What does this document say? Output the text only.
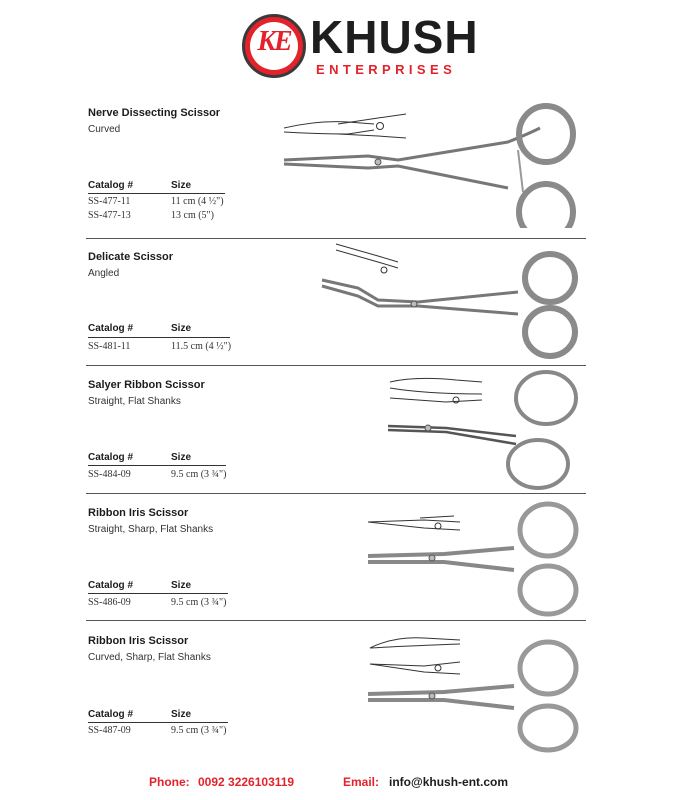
KE KHUSH
ENTERPRISES
Nerve Dissecting Scissor
Curved
Catalog #	Size
SS-477-11	11 cm (4 ½")
SS-477-13	13 cm (5")
Delicate Scissor
Angled
Catalog #	Size
SS-481-11	11.5 cm (4 ½")
Salyer Ribbon Scissor
Straight, Flat Shanks
Catalog #	Size
SS-484-09	9.5 cm (3 ¾")
Ribbon Iris Scissor
Straight, Sharp, Flat Shanks
Catalog #	Size
SS-486-09	9.5 cm (3 ¾")
Ribbon Iris Scissor
Curved, Sharp, Flat Shanks
Catalog #	Size
SS-487-09	9.5 cm (3 ¾")
Phone: 0092 3226103119	Email: info@khush-ent.com
